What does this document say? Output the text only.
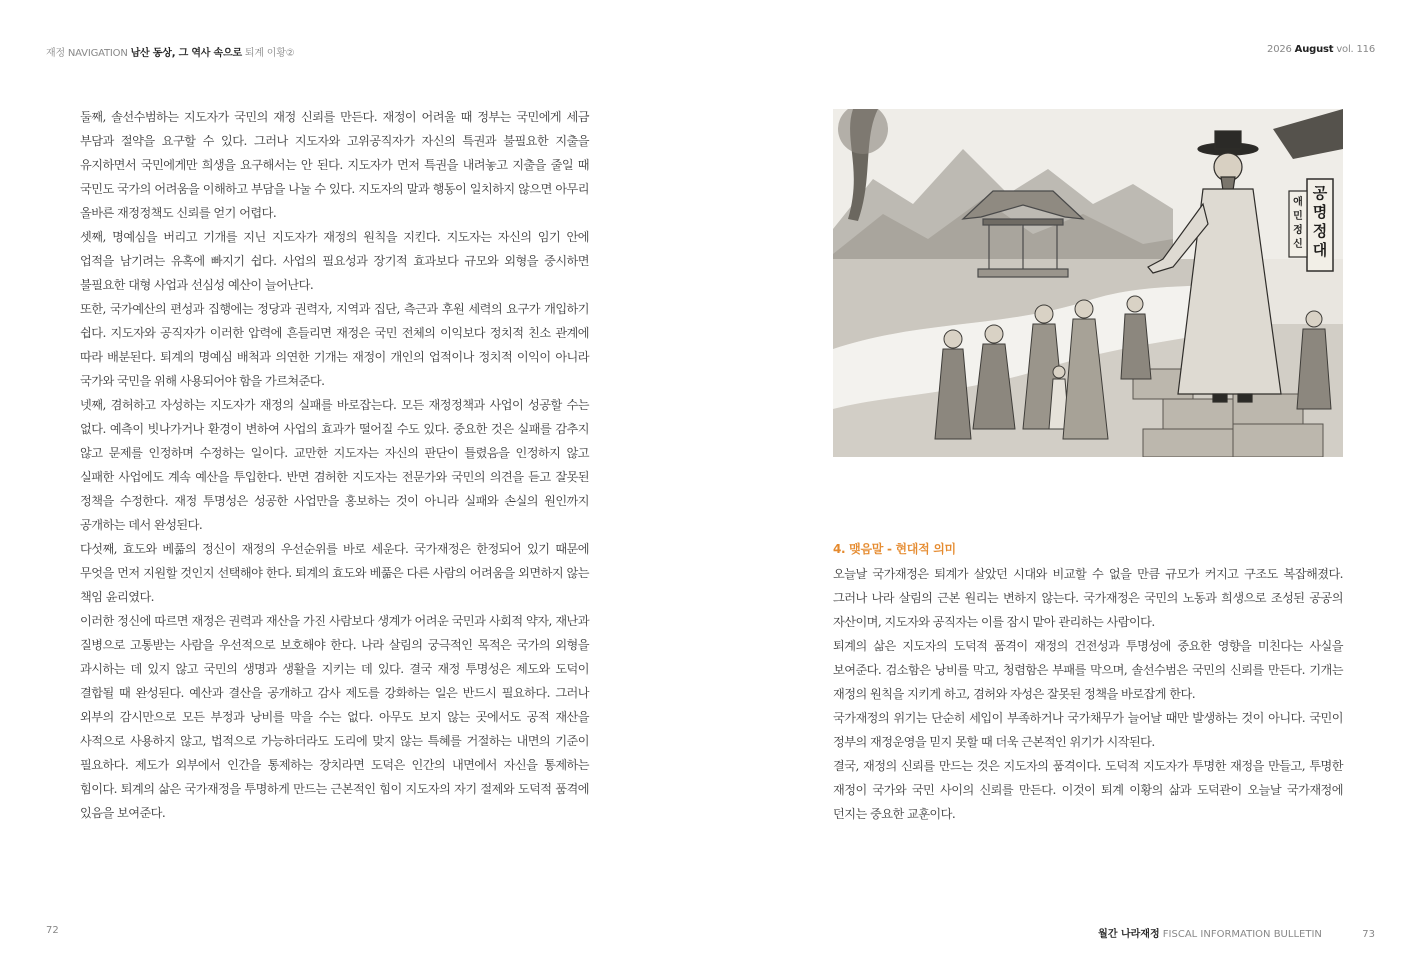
재정 NAVIGATION 남산 동상, 그 역사 속으로 퇴계 이황②	2026 August vol. 116

둘째, 솔선수범하는 지도자가 국민의 재정 신뢰를 만든다. 재정이 어려울 때 정부는 국민에게 세금 부담과 절약을 요구할 수 있다. 그러나 지도자와 고위공직자가 자신의 특권과 불필요한 지출을 유지하면서 국민에게만 희생을 요구해서는 안 된다. 지도자가 먼저 특권을 내려놓고 지출을 줄일 때 국민도 국가의 어려움을 이해하고 부담을 나눌 수 있다. 지도자의 말과 행동이 일치하지 않으면 아무리 올바른 재정정책도 신뢰를 얻기 어렵다.

셋째, 명예심을 버리고 기개를 지닌 지도자가 재정의 원칙을 지킨다. 지도자는 자신의 임기 안에 업적을 남기려는 유혹에 빠지기 쉽다. 사업의 필요성과 장기적 효과보다 규모와 외형을 중시하면 불필요한 대형 사업과 선심성 예산이 늘어난다.

또한, 국가예산의 편성과 집행에는 정당과 권력자, 지역과 집단, 측근과 후원 세력의 요구가 개입하기 쉽다. 지도자와 공직자가 이러한 압력에 흔들리면 재정은 국민 전체의 이익보다 정치적 친소 관계에 따라 배분된다. 퇴계의 명예심 배척과 의연한 기개는 재정이 개인의 업적이나 정치적 이익이 아니라 국가와 국민을 위해 사용되어야 함을 가르쳐준다.

넷째, 겸허하고 자성하는 지도자가 재정의 실패를 바로잡는다. 모든 재정정책과 사업이 성공할 수는 없다. 예측이 빗나가거나 환경이 변하여 사업의 효과가 떨어질 수도 있다. 중요한 것은 실패를 감추지 않고 문제를 인정하며 수정하는 일이다. 교만한 지도자는 자신의 판단이 틀렸음을 인정하지 않고 실패한 사업에도 계속 예산을 투입한다. 반면 겸허한 지도자는 전문가와 국민의 의견을 듣고 잘못된 정책을 수정한다. 재정 투명성은 성공한 사업만을 홍보하는 것이 아니라 실패와 손실의 원인까지 공개하는 데서 완성된다.

다섯째, 효도와 베풂의 정신이 재정의 우선순위를 바로 세운다. 국가재정은 한정되어 있기 때문에 무엇을 먼저 지원할 것인지 선택해야 한다. 퇴계의 효도와 베풂은 다른 사람의 어려움을 외면하지 않는 책임 윤리였다.

이러한 정신에 따르면 재정은 권력과 재산을 가진 사람보다 생계가 어려운 국민과 사회적 약자, 재난과 질병으로 고통받는 사람을 우선적으로 보호해야 한다. 나라 살림의 궁극적인 목적은 국가의 외형을 과시하는 데 있지 않고 국민의 생명과 생활을 지키는 데 있다. 결국 재정 투명성은 제도와 도덕이 결합될 때 완성된다. 예산과 결산을 공개하고 감사 제도를 강화하는 일은 반드시 필요하다. 그러나 외부의 감시만으로 모든 부정과 낭비를 막을 수는 없다. 아무도 보지 않는 곳에서도 공적 재산을 사적으로 사용하지 않고, 법적으로 가능하더라도 도리에 맞지 않는 특혜를 거절하는 내면의 기준이 필요하다. 제도가 외부에서 인간을 통제하는 장치라면 도덕은 인간의 내면에서 자신을 통제하는 힘이다. 퇴계의 삶은 국가재정을 투명하게 만드는 근본적인 힘이 지도자의 자기 절제와 도덕적 품격에 있음을 보여준다.

공 명 정 대
애 민 정 신
4. 맺음말 - 현대적 의미

오늘날 국가재정은 퇴계가 살았던 시대와 비교할 수 없을 만큼 규모가 커지고 구조도 복잡해졌다. 그러나 나라 살림의 근본 원리는 변하지 않는다. 국가재정은 국민의 노동과 희생으로 조성된 공공의 자산이며, 지도자와 공직자는 이를 잠시 맡아 관리하는 사람이다.

퇴계의 삶은 지도자의 도덕적 품격이 재정의 건전성과 투명성에 중요한 영향을 미친다는 사실을 보여준다. 검소함은 낭비를 막고, 청렴함은 부패를 막으며, 솔선수범은 국민의 신뢰를 만든다. 기개는 재정의 원칙을 지키게 하고, 겸허와 자성은 잘못된 정책을 바로잡게 한다.

국가재정의 위기는 단순히 세입이 부족하거나 국가채무가 늘어날 때만 발생하는 것이 아니다. 국민이 정부의 재정운영을 믿지 못할 때 더욱 근본적인 위기가 시작된다.

결국, 재정의 신뢰를 만드는 것은 지도자의 품격이다. 도덕적 지도자가 투명한 재정을 만들고, 투명한 재정이 국가와 국민 사이의 신뢰를 만든다. 이것이 퇴계 이황의 삶과 도덕관이 오늘날 국가재정에 던지는 중요한 교훈이다.

72	월간 나라재정 FISCAL INFORMATION BULLETIN	73
